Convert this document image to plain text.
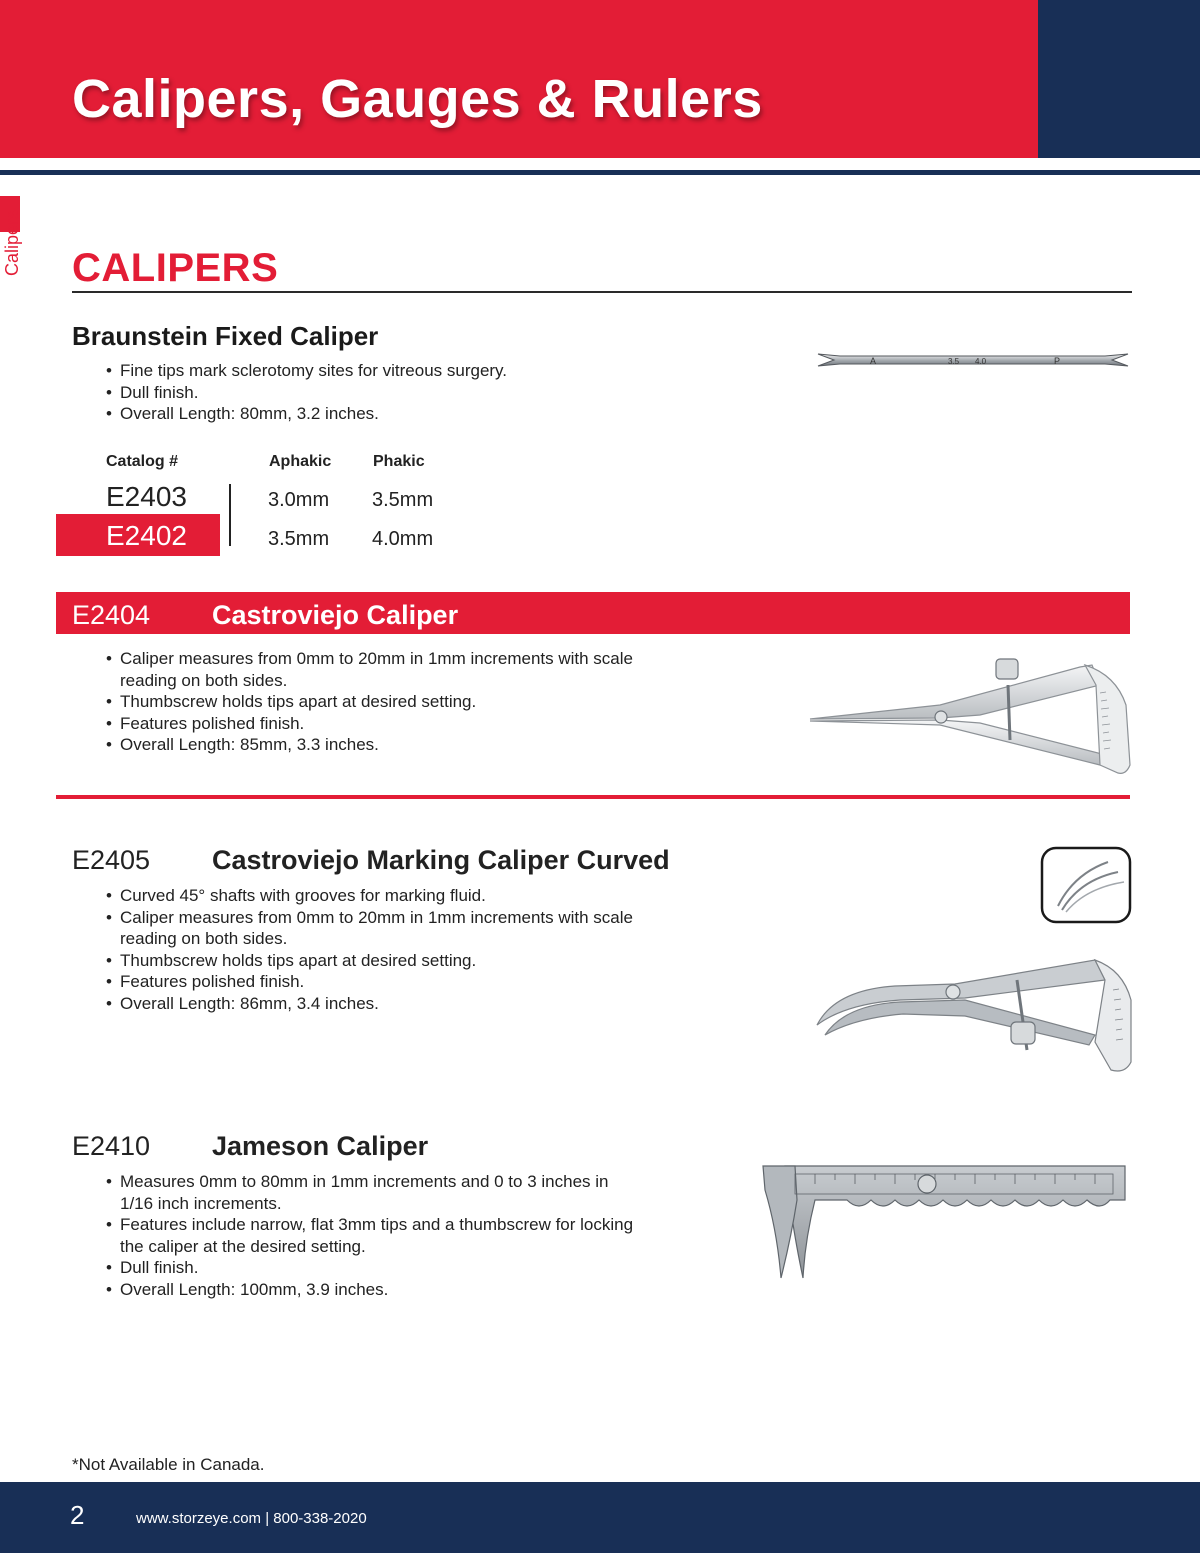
Calipers, Gauges & Rulers
Calipers CALIPERS
Braunstein Fixed Caliper
• Fine tips mark sclerotomy sites for vitreous surgery.
• Dull finish.
• Overall Length: 80mm, 3.2 inches.
Catalog #	Aphakic	Phakic
E2403	3.0mm 3.5mm
E2402	3.5mm 4.0mm
A	3.5 4.0	P
E2404 Castroviejo Caliper
• Caliper measures from 0mm to 20mm in 1mm increments with scale reading on both sides.
• Thumbscrew holds tips apart at desired setting.
• Features polished finish.
• Overall Length: 85mm, 3.3 inches.
E2405 Castroviejo Marking Caliper Curved
• Curved 45° shafts with grooves for marking fluid.
• Caliper measures from 0mm to 20mm in 1mm increments with scale reading on both sides.
• Thumbscrew holds tips apart at desired setting.
• Features polished finish.
• Overall Length: 86mm, 3.4 inches.
E2410 Jameson Caliper
• Measures 0mm to 80mm in 1mm increments and 0 to 3 inches in 1/16 inch increments.
• Features include narrow, flat 3mm tips and a thumbscrew for locking the caliper at the desired setting.
• Dull finish.
• Overall Length: 100mm, 3.9 inches.
*Not Available in Canada.
2	www.storzeye.com | 800-338-2020
